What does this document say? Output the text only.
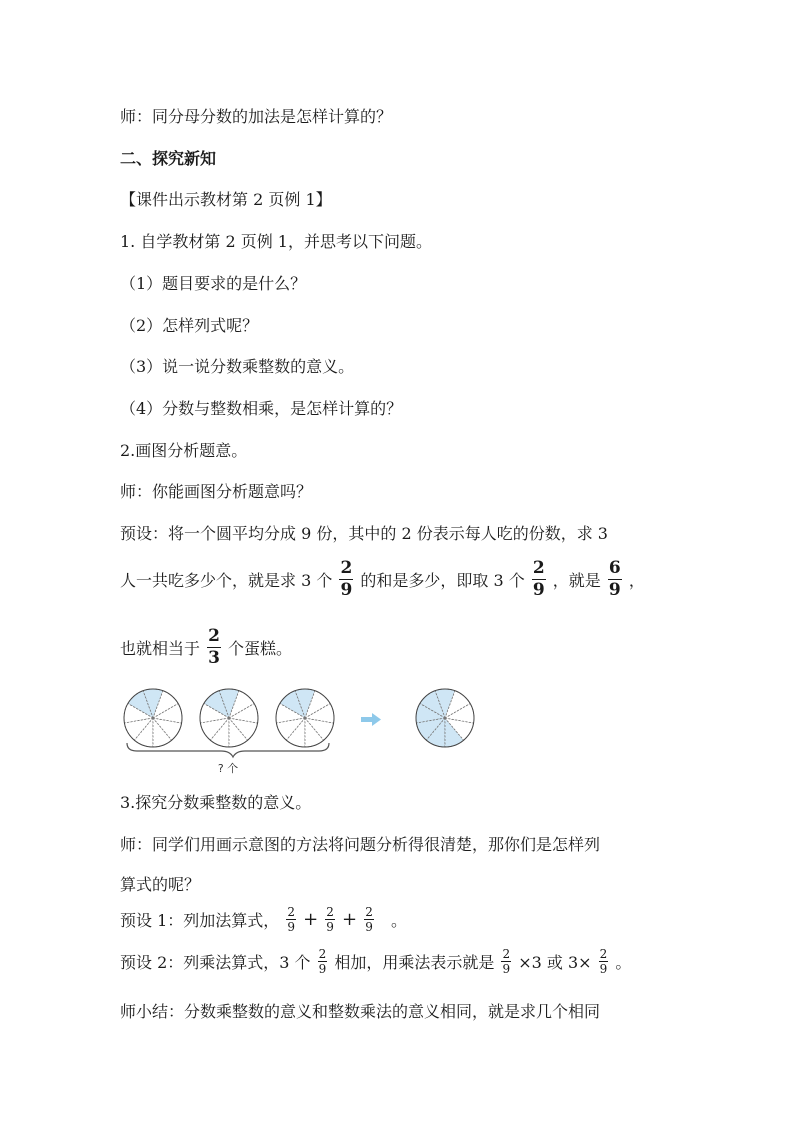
师：同分母分数的加法是怎样计算的？
二、探究新知
【课件出示教材第 2 页例 1】
1. 自学教材第 2 页例 1，并思考以下问题。
（1）题目要求的是什么？
（2）怎样列式呢？
（3）说一说分数乘整数的意义。
（4）分数与整数相乘，是怎样计算的？
2.画图分析题意。
师：你能画图分析题意吗？
预设：将一个圆平均分成 9 份，其中的 2 份表示每人吃的份数，求 3
人一共吃多少个，就是求 3 个 $\frac{2}{9}$ 的和是多少，即取 3 个 $\frac{2}{9}$ ，就是 $\frac{6}{9}$ ，
也就相当于 $\frac{2}{3}$ 个蛋糕。
? 个
3.探究分数乘整数的意义。
师：同学们用画示意图的方法将问题分析得很清楚，那你们是怎样列
算式的呢？
预设 1：列加法算式， $\frac{2}{9} + \frac{2}{9} + \frac{2}{9}$ 。
预设 2：列乘法算式，3 个 $\frac{2}{9}$ 相加，用乘法表示就是 $\frac{2}{9} \times 3$ 或 $3\times \frac{2}{9}$ 。
师小结：分数乘整数的意义和整数乘法的意义相同，就是求几个相同
